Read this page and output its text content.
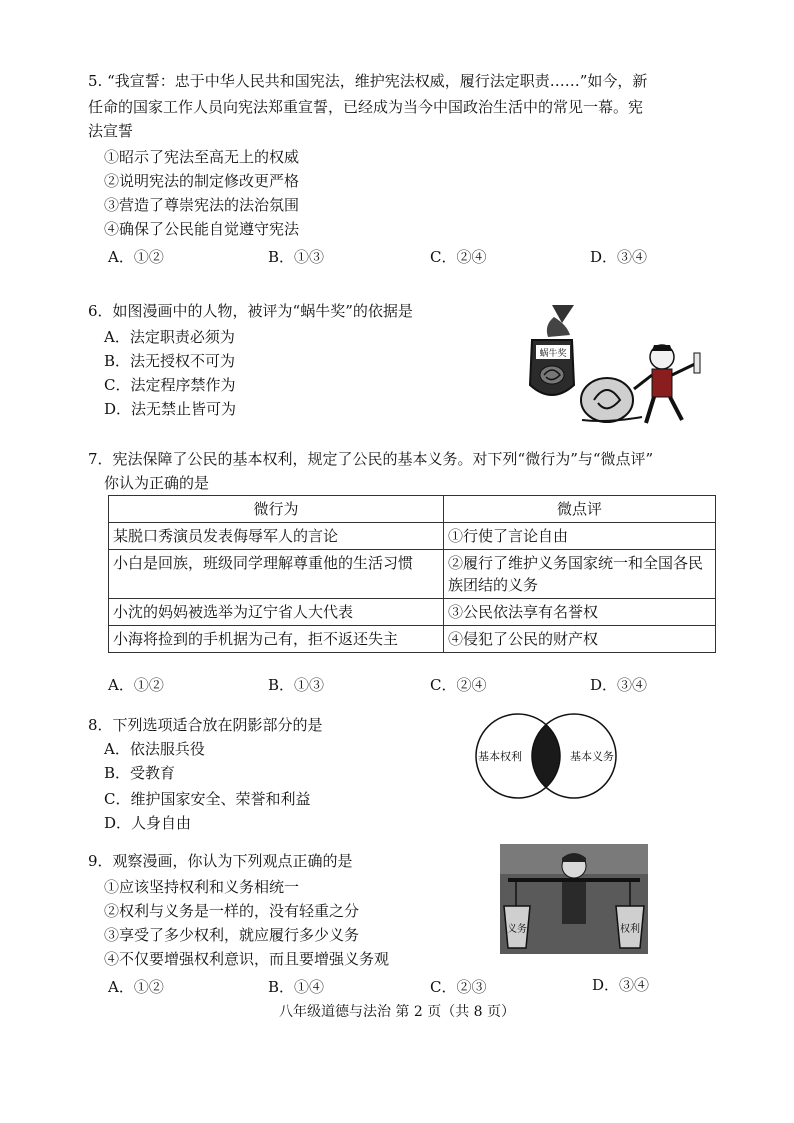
5. “我宣誓：忠于中华人民共和国宪法，维护宪法权威，履行法定职责……”如今，新
任命的国家工作人员向宪法郑重宣誓，已经成为当今中国政治生活中的常见一幕。宪
法宣誓
①昭示了宪法至高无上的权威
②说明宪法的制定修改更严格
③营造了尊崇宪法的法治氛围
④确保了公民能自觉遵守宪法
A．①②	B．①③	C．②④	D．③④
6．如图漫画中的人物，被评为“蜗牛奖”的依据是
A．法定职责必须为
B．法无授权不可为
C．法定程序禁作为
D．法无禁止皆可为
蜗牛奖
7．宪法保障了公民的基本权利，规定了公民的基本义务。对下列“微行为”与“微点评”
你认为正确的是
微行为	微点评
某脱口秀演员发表侮辱军人的言论	①行使了言论自由
小白是回族，班级同学理解尊重他的生活习惯	②履行了维护义务国家统一和全国各民族团结的义务
小沈的妈妈被选举为辽宁省人大代表	③公民依法享有名誉权
小海将捡到的手机据为己有，拒不返还失主	④侵犯了公民的财产权
A．①②	B．①③	C．②④	D．③④
8．下列选项适合放在阴影部分的是
A．依法服兵役
B．受教育
C．维护国家安全、荣誉和利益
D．人身自由
基本权利	基本义务
9．观察漫画，你认为下列观点正确的是
①应该坚持权利和义务相统一
②权利与义务是一样的，没有轻重之分
③享受了多少权利，就应履行多少义务
④不仅要增强权利意识，而且要增强义务观
A．①②	B．①④	C．②③	D．③④
义务	权利
八年级道德与法治 第 2 页（共 8 页）
